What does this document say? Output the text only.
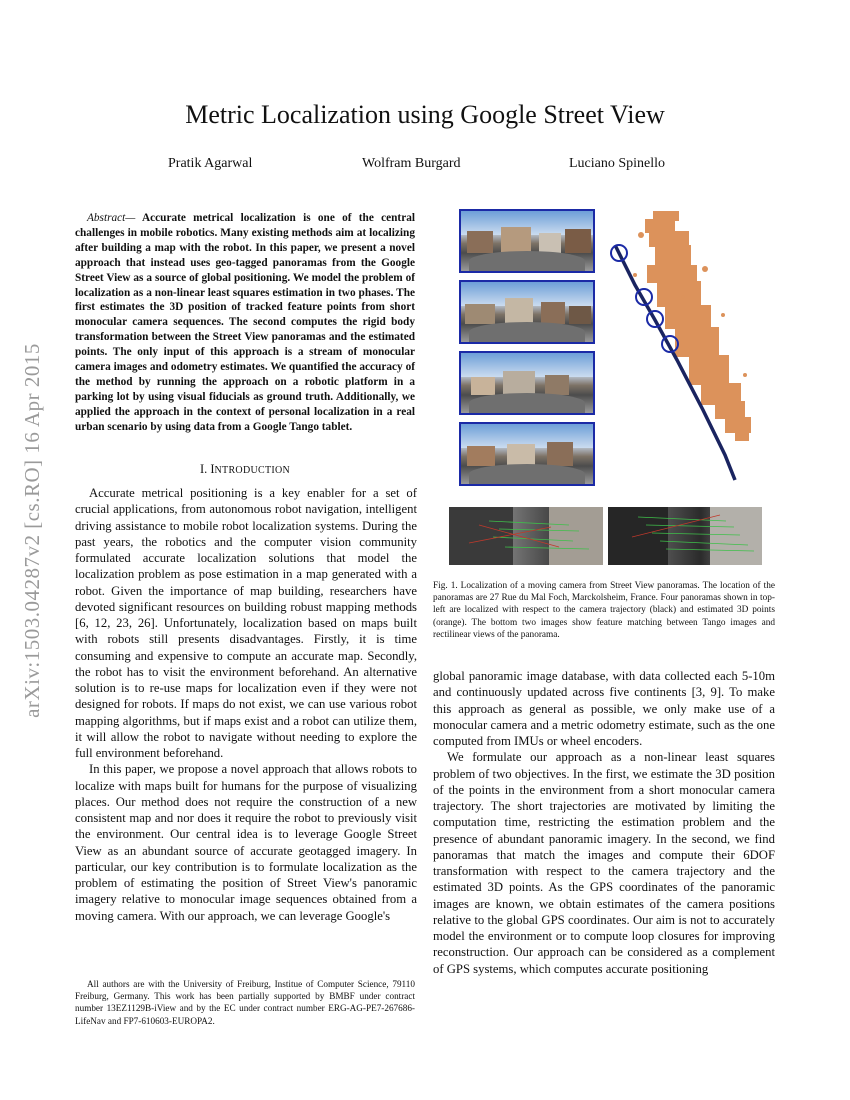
arXiv:1503.04287v2 [cs.RO] 16 Apr 2015
Metric Localization using Google Street View
Pratik Agarwal	Wolfram Burgard	Luciano Spinello
Abstract— Accurate metrical localization is one of the central challenges in mobile robotics. Many existing methods aim at localizing after building a map with the robot. In this paper, we present a novel approach that instead uses geo-tagged panoramas from the Google Street View as a source of global positioning. We model the problem of localization as a non-linear least squares estimation in two phases. The first estimates the 3D position of tracked feature points from short monocular camera sequences. The second computes the rigid body transformation between the Street View panoramas and the estimated points. The only input of this approach is a stream of monocular camera images and odometry estimates. We quantified the accuracy of the method by running the approach on a robotic platform in a parking lot by using visual fiducials as ground truth. Additionally, we applied the approach in the context of personal localization in a real urban scenario by using data from a Google Tango tablet.
I. INTRODUCTION

Accurate metrical positioning is a key enabler for a set of crucial applications, from autonomous robot navigation, intelligent driving assistance to mobile robot localization systems. During the past years, the robotics and the computer vision community formulated accurate localization solutions that model the localization problem as pose estimation in a map generated with a robot. Given the importance of map building, researchers have devoted significant resources on building robust mapping methods [6, 12, 23, 26]. Unfortunately, localization based on maps built with robots still presents disadvantages. Firstly, it is time consuming and expensive to compute an accurate map. Secondly, the robot has to visit the environment beforehand. An alternative solution is to re-use maps for localization even if they were not designed for robots. If maps do not exist, we can use various robot mapping algorithms, but if maps exist and a robot can utilize them, it will allow the robot to navigate without needing to explore the full environment beforehand.

In this paper, we propose a novel approach that allows robots to localize with maps built for humans for the purpose of visualizing places. Our method does not require the construction of a new consistent map and nor does it require the robot to previously visit the environment. Our central idea is to leverage Google Street View as an abundant source of accurate geotagged imagery. In particular, our key contribution is to formulate localization as the problem of estimating the position of Street View's panoramic imagery relative to monocular image sequences obtained from a moving camera. With our approach, we can leverage Google's

All authors are with the University of Freiburg, Institue of Computer Science, 79110 Freiburg, Germany. This work has been partially supported by BMBF under contract number 13EZ1129B-iView and by the EC under contract number ERG-AG-PE7-267686-LifeNav and FP7-610603-EUROPA2.

Fig. 1. Localization of a moving camera from Street View panoramas. The location of the panoramas are 27 Rue du Mal Foch, Marckolsheim, France. Four panoramas shown in top-left are localized with respect to the camera trajectory (black) and estimated 3D points (orange). The bottom two images show feature matching between Tango images and rectilinear views of the panorama.

global panoramic image database, with data collected each 5-10m and continuously updated across five continents [3, 9]. To make this approach as general as possible, we only make use of a monocular camera and a metric odometry estimate, such as the one computed from IMUs or wheel encoders.

We formulate our approach as a non-linear least squares problem of two objectives. In the first, we estimate the 3D position of the points in the environment from a short monocular camera trajectory. The short trajectories are motivated by limiting the computation time, restricting the estimation problem and the presence of abundant panoramic imagery. In the second, we find panoramas that match the images and compute their 6DOF transformation with respect to the camera trajectory and the estimated 3D points. As the GPS coordinates of the panoramic images are known, we obtain estimates of the camera positions relative to the global GPS coordinates. Our aim is not to accurately model the environment or to compute loop closures for improving reconstruction. Our approach can be considered as a complement of GPS systems, which computes accurate positioning
